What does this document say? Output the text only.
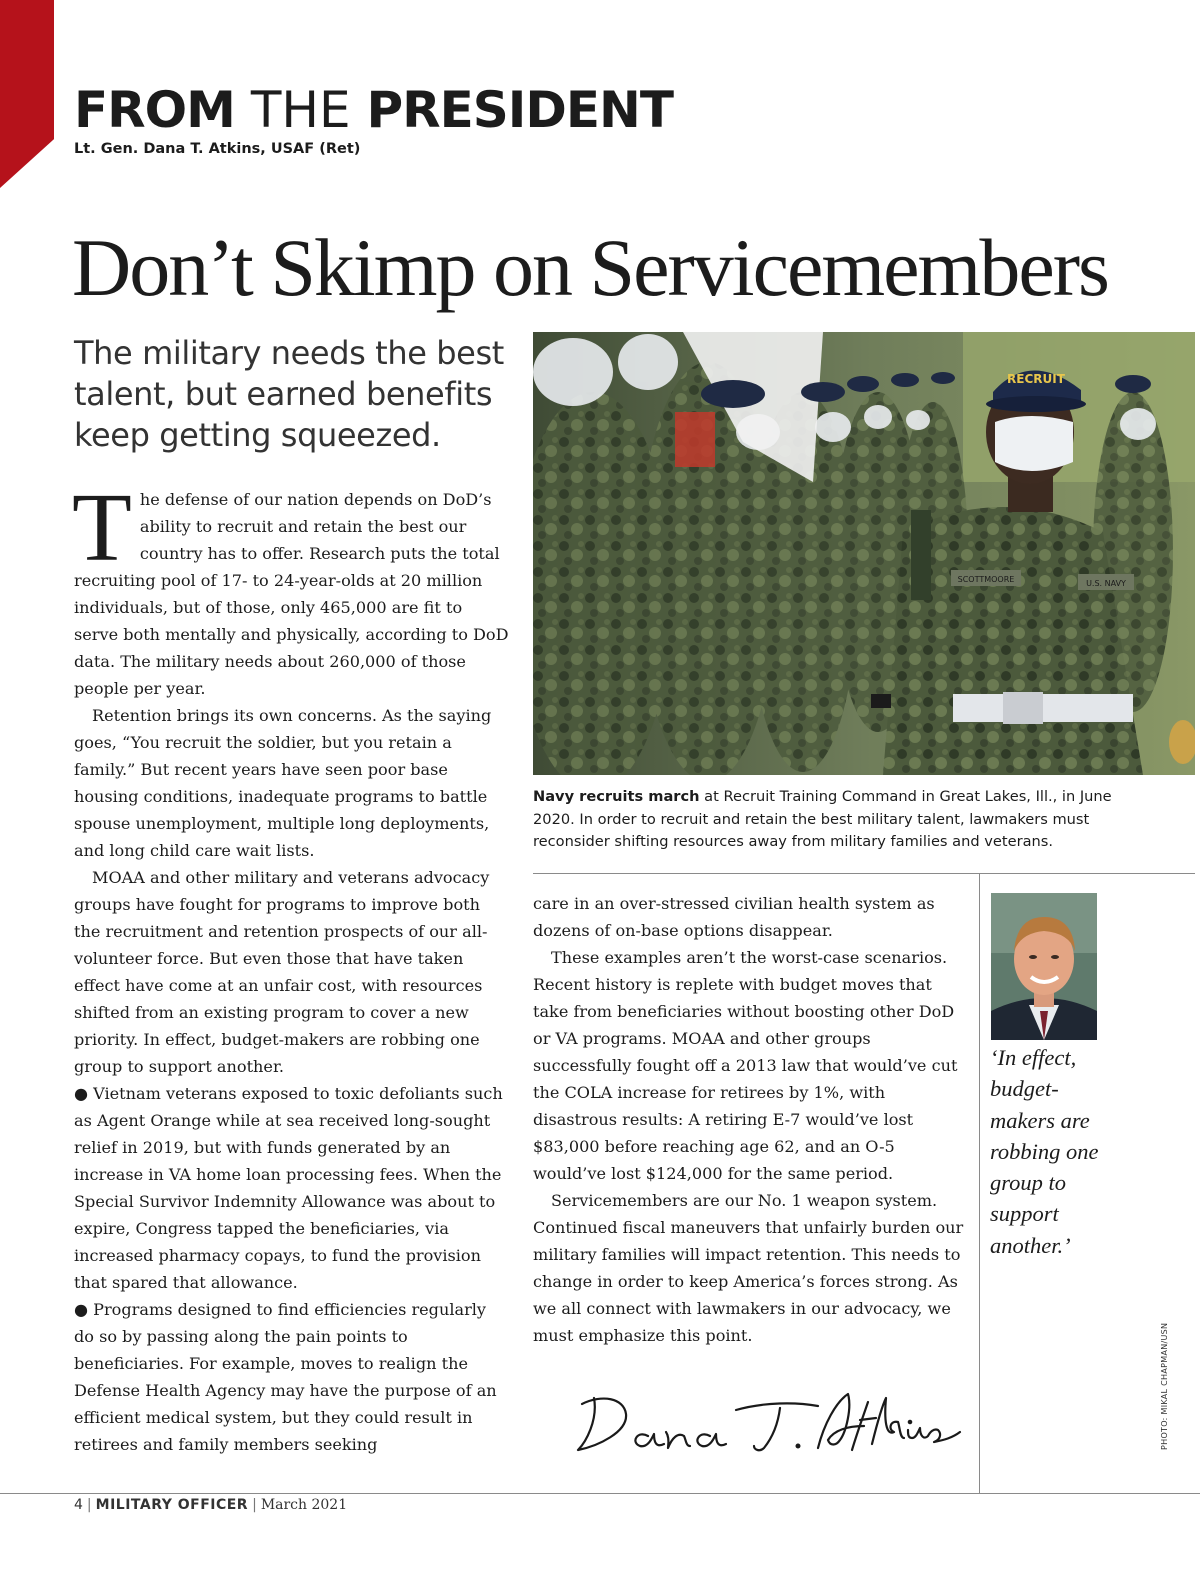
FROM THE PRESIDENT
Lt. Gen. Dana T. Atkins, USAF (Ret)
Don’t Skimp on Servicemembers
The military needs the best talent, but earned benefits keep getting squeezed.
RECRUIT
SCOTTMOORE	U.S. NAVY

Navy recruits march at Recruit Training Command in Great Lakes, Ill., in June 2020. In order to recruit and retain the best military talent, lawmakers must reconsider shifting resources away from military families and veterans.

The defense of our nation depends on DoD’s ability to recruit and retain the best our country has to offer. Research puts the total recruiting pool of 17- to 24-year-olds at 20 million individuals, but of those, only 465,000 are fit to serve both mentally and physically, according to DoD data. The military needs about 260,000 of those people per year.

Retention brings its own concerns. As the saying goes, “You recruit the soldier, but you retain a family.” But recent years have seen poor base housing conditions, inadequate programs to battle spouse unemployment, multiple long deployments, and long child care wait lists.

MOAA and other military and veterans advocacy groups have fought for programs to improve both the recruitment and retention prospects of our all-volunteer force. But even those that have taken effect have come at an unfair cost, with resources shifted from an existing program to cover a new priority. In effect, budget-makers are robbing one group to support another.

● Vietnam veterans exposed to toxic defoliants such as Agent Orange while at sea received long-sought relief in 2019, but with funds generated by an increase in VA home loan processing fees. When the Special Survivor Indemnity Allowance was about to expire, Congress tapped the beneficiaries, via increased pharmacy copays, to fund the provision that spared that allowance.

● Programs designed to find efficiencies regularly do so by passing along the pain points to beneficiaries. For example, moves to realign the Defense Health Agency may have the purpose of an efficient medical system, but they could result in retirees and family members seeking

care in an over-stressed civilian health system as dozens of on-base options disappear.

These examples aren’t the worst-case scenarios. Recent history is replete with budget moves that take from beneficiaries without boosting other DoD or VA programs. MOAA and other groups successfully fought off a 2013 law that would’ve cut the COLA increase for retirees by 1%, with disastrous results: A retiring E-7 would’ve lost $83,000 before reaching age 62, and an O-5 would’ve lost $124,000 for the same period.

Servicemembers are our No. 1 weapon system. Continued fiscal maneuvers that unfairly burden our military families will impact retention. This needs to change in order to keep America’s forces strong. As we all connect with lawmakers in our advocacy, we must emphasize this point.

‘In effect, budget-makers are robbing one group to support another.’

PHOTO: MIKAL CHAPMAN/USN
4 | MILITARY OFFICER | March 2021
